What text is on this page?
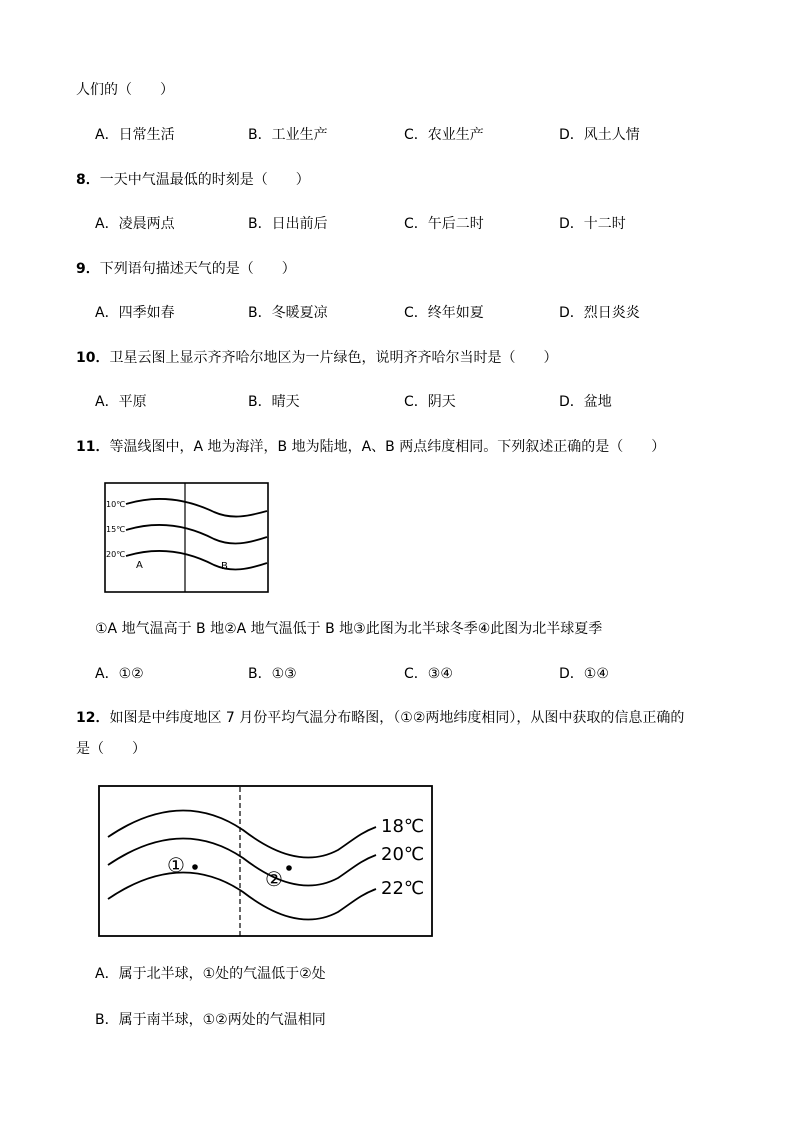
人们的（　　）
A．日常生活	B．工业生产	C．农业生产	D．风土人情
8．一天中气温最低的时刻是（　　）
A．凌晨两点	B．日出前后	C．午后二时	D．十二时
9．下列语句描述天气的是（　　）
A．四季如春	B．冬暖夏凉	C．终年如夏	D．烈日炎炎
10．卫星云图上显示齐齐哈尔地区为一片绿色，说明齐齐哈尔当时是（　　）
A．平原	B．晴天	C．阴天	D．盆地
11．等温线图中，A 地为海洋，B 地为陆地，A、B 两点纬度相同。下列叙述正确的是（　　）
10℃
15℃
20℃
A	B
①A 地气温高于 B 地②A 地气温低于 B 地③此图为北半球冬季④此图为北半球夏季
A．①②	B．①③	C．③④	D．①④
12．如图是中纬度地区 7 月份平均气温分布略图，（①②两地纬度相同），从图中获取的信息正确的
是（　　）
18℃
20℃
22℃
①
②
A．属于北半球，①处的气温低于②处
B．属于南半球，①②两处的气温相同
